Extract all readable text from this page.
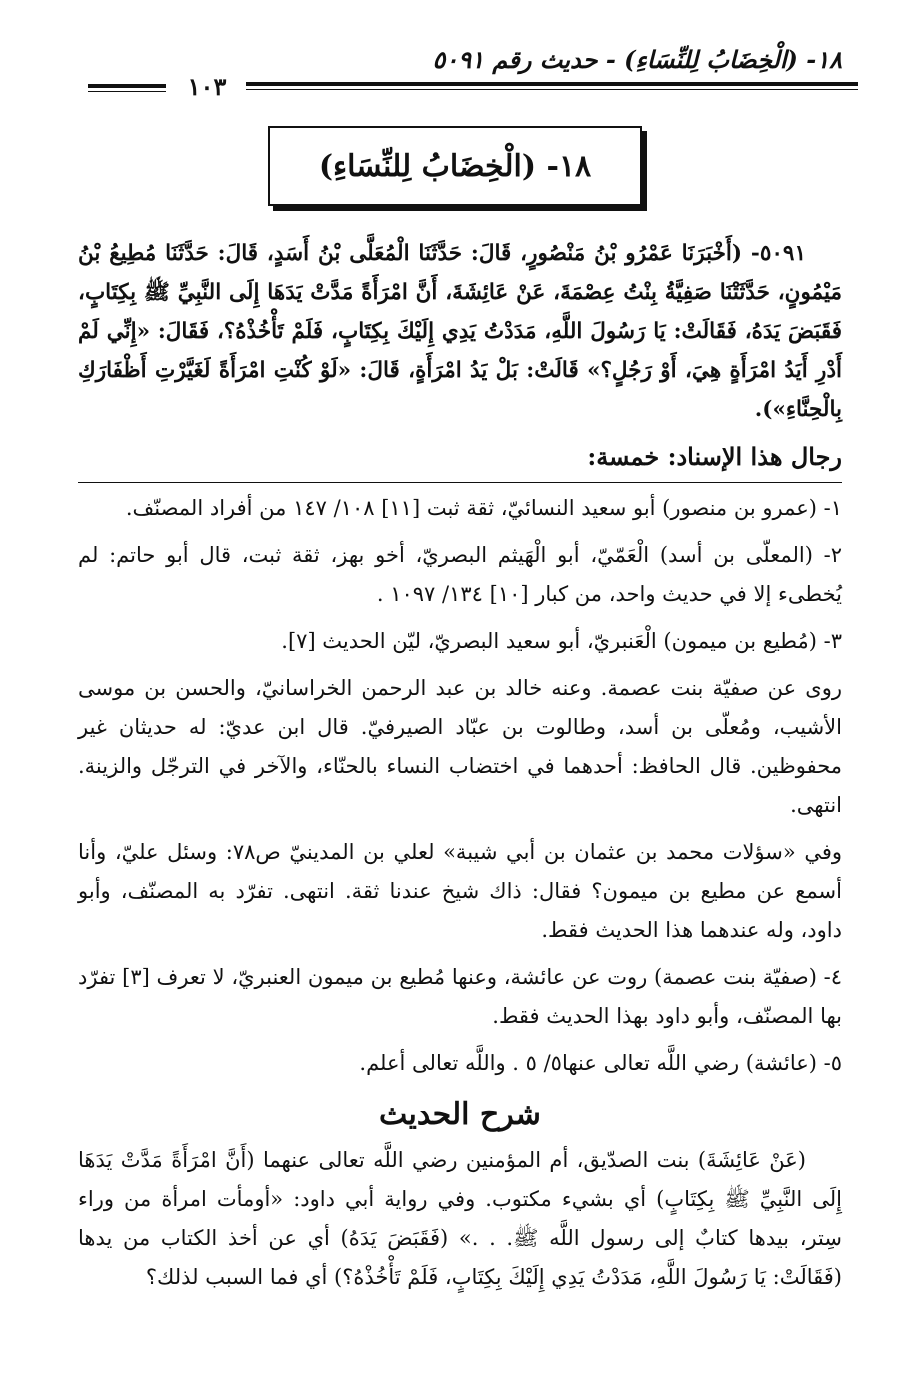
١٨- (الْخِضَابُ لِلنِّسَاءِ) - حديث رقم ٥٠٩١
١٠٣
١٨- (الْخِضَابُ لِلنِّسَاءِ)

٥٠٩١- (أَخْبَرَنَا عَمْرُو بْنُ مَنْصُورٍ، قَالَ: حَدَّثَنَا الْمُعَلَّى بْنُ أَسَدٍ، قَالَ: حَدَّثَنَا مُطِيعُ بْنُ مَيْمُونٍ، حَدَّثَتْنَا صَفِيَّةُ بِنْتُ عِصْمَةَ، عَنْ عَائِشَةَ، أَنَّ امْرَأَةً مَدَّتْ يَدَهَا إِلَى النَّبِيِّ ﷺ بِكِتَابٍ، فَقَبَضَ يَدَهُ، فَقَالَتْ: يَا رَسُولَ اللَّهِ، مَدَدْتُ يَدِي إِلَيْكَ بِكِتَابٍ، فَلَمْ تَأْخُذْهُ؟، فَقَالَ: «إِنِّي لَمْ أَدْرِ أَيَدُ امْرَأَةٍ هِيَ، أَوْ رَجُلٍ؟» قَالَتْ: بَلْ يَدُ امْرَأَةٍ، قَالَ: «لَوْ كُنْتِ امْرَأَةً لَغَيَّرْتِ أَظْفَارَكِ بِالْحِنَّاءِ»).

رجال هذا الإسناد: خمسة:

١- (عمرو بن منصور) أبو سعيد النسائيّ، ثقة ثبت [١١] ١٠٨/ ١٤٧ من أفراد المصنّف.

٢- (المعلّى بن أسد) الْعَمّيّ، أبو الْهَيثم البصريّ، أخو بهز، ثقة ثبت، قال أبو حاتم: لم يُخطىء إلا في حديث واحد، من كبار [١٠] ١٣٤/ ١٠٩٧ .

٣- (مُطيع بن ميمون) الْعَنبريّ، أبو سعيد البصريّ، ليّن الحديث [٧].

روى عن صفيّة بنت عصمة. وعنه خالد بن عبد الرحمن الخراسانيّ، والحسن بن موسى الأشيب، ومُعلّى بن أسد، وطالوت بن عبّاد الصيرفيّ. قال ابن عديّ: له حديثان غير محفوظين. قال الحافظ: أحدهما في اختضاب النساء بالحنّاء، والآخر في الترجّل والزينة. انتهى.

وفي «سؤلات محمد بن عثمان بن أبي شيبة» لعلي بن المدينيّ ص٧٨: وسئل عليّ، وأنا أسمع عن مطيع بن ميمون؟ فقال: ذاك شيخ عندنا ثقة. انتهى. تفرّد به المصنّف، وأبو داود، وله عندهما هذا الحديث فقط.

٤- (صفيّة بنت عصمة) روت عن عائشة، وعنها مُطيع بن ميمون العنبريّ، لا تعرف [٣] تفرّد بها المصنّف، وأبو داود بهذا الحديث فقط.

٥- (عائشة) رضي اللَّه تعالى عنها٥/ ٥ . واللَّه تعالى أعلم.

شرح الحديث

(عَنْ عَائِشَةَ) بنت الصدّيق، أم المؤمنين رضي اللَّه تعالى عنهما (أَنَّ امْرَأَةً مَدَّتْ يَدَهَا إِلَى النَّبِيِّ ﷺ بِكِتَابٍ) أي بشيء مكتوب. وفي رواية أبي داود: «أومأت امرأة من وراء سِتر، بيدها كتابٌ إلى رسول اللَّه ﷺ. . .» (فَقَبَضَ يَدَهُ) أي عن أخذ الكتاب من يدها (فَقَالَتْ: يَا رَسُولَ اللَّهِ، مَدَدْتُ يَدِي إِلَيْكَ بِكِتَابٍ، فَلَمْ تَأْخُذْهُ؟) أي فما السبب لذلك؟
